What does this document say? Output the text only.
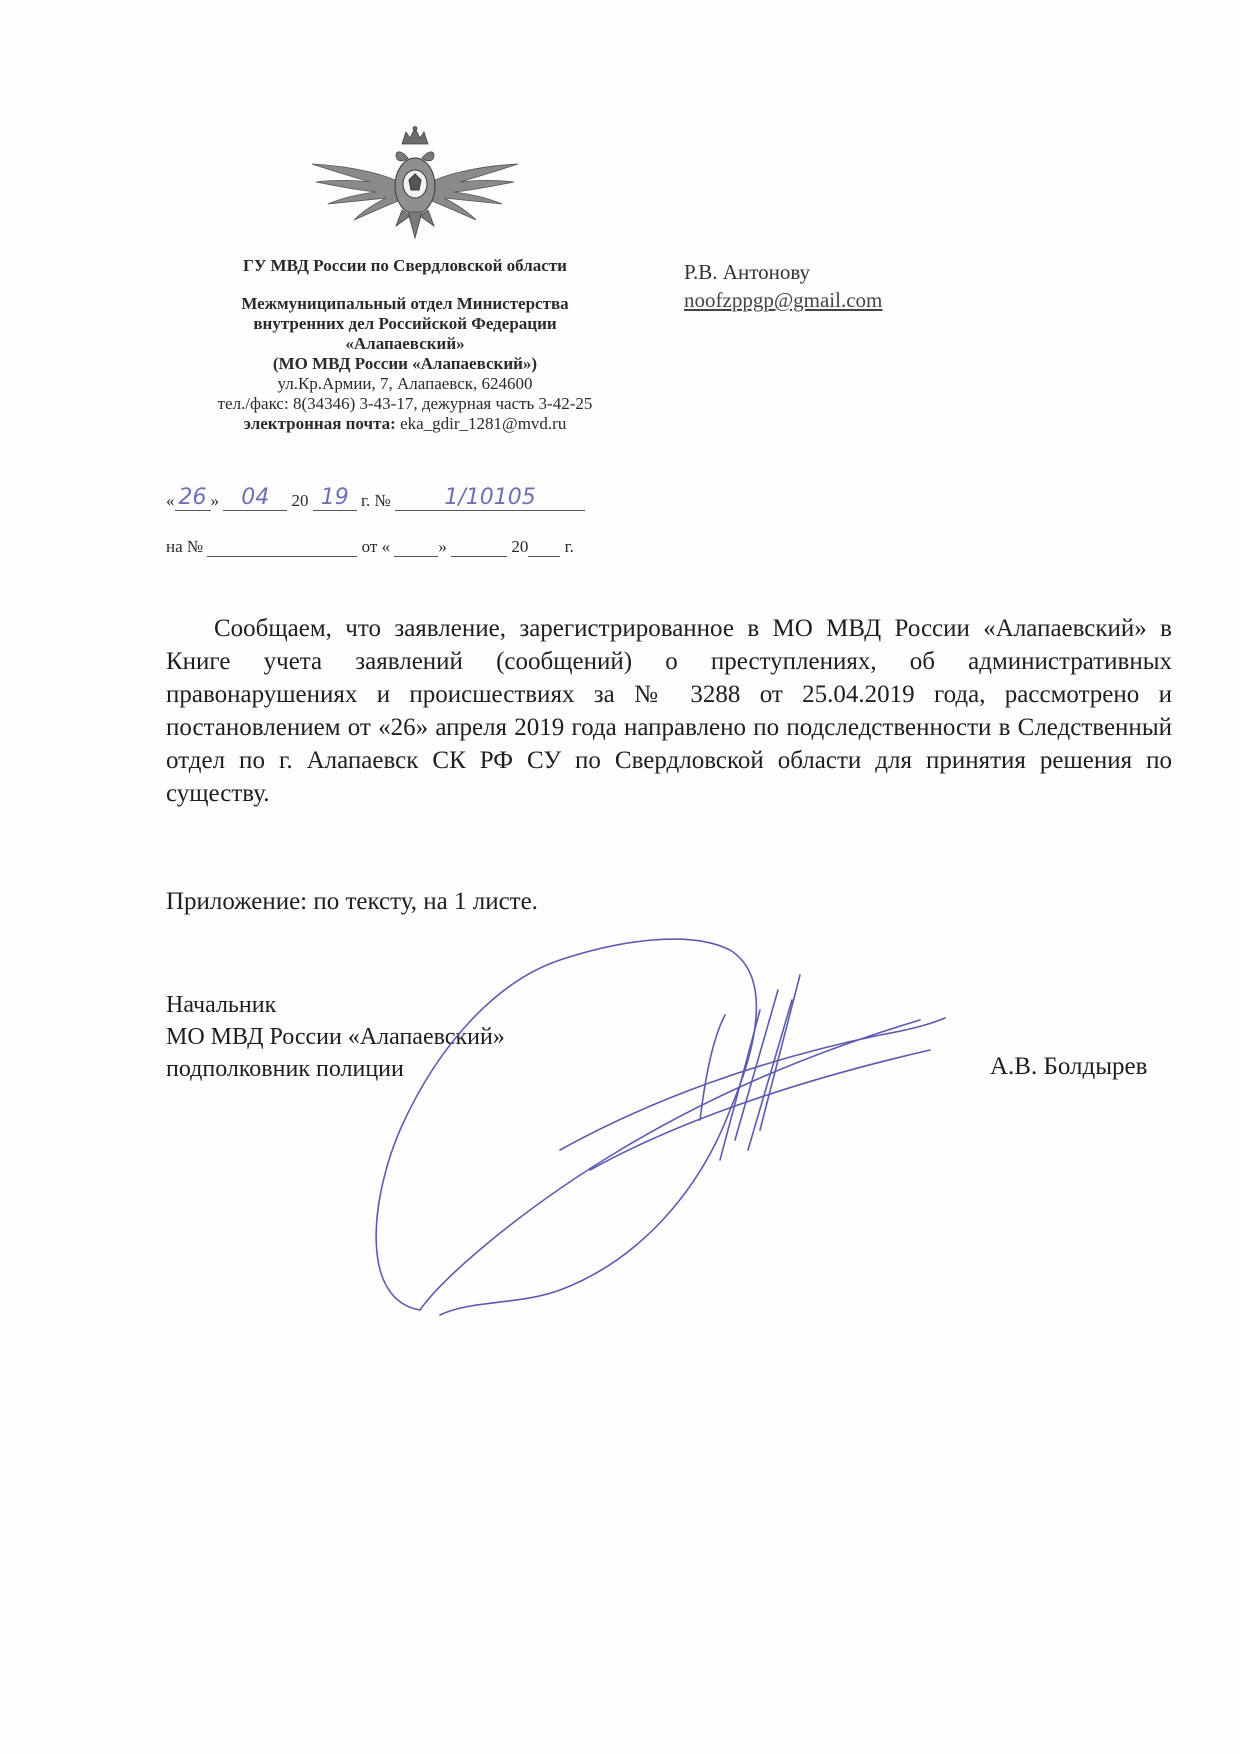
ГУ МВД России по Свердловской области
Межмуниципальный отдел Министерства
внутренних дел Российской Федерации
«Алапаевский»
(МО МВД России «Алапаевский»)
ул.Кр.Армии, 7, Алапаевск, 624600
тел./факс: 8(34346) 3-43-17, дежурная часть 3-42-25
электронная почта: eka_gdir_1281@mvd.ru
« 26 »	04	20 19 г. №	1/10105
на №	от «	»	20 г.
Р.В. Антонову
noofzppgp@gmail.com
Сообщаем, что заявление, зарегистрированное в МО МВД России «Алапаевский» в Книге учета заявлений (сообщений) о преступлениях, об административных правонарушениях и происшествиях за № 3288 от 25.04.2019 года, рассмотрено и постановлением от «26» апреля 2019 года направлено по подследственности в Следственный отдел по г. Алапаевск СК РФ СУ по Свердловской области для принятия решения по существу.
Приложение: по тексту, на 1 листе.
Начальник
МО МВД России «Алапаевский»
подполковник полиции	А.В. Болдырев
